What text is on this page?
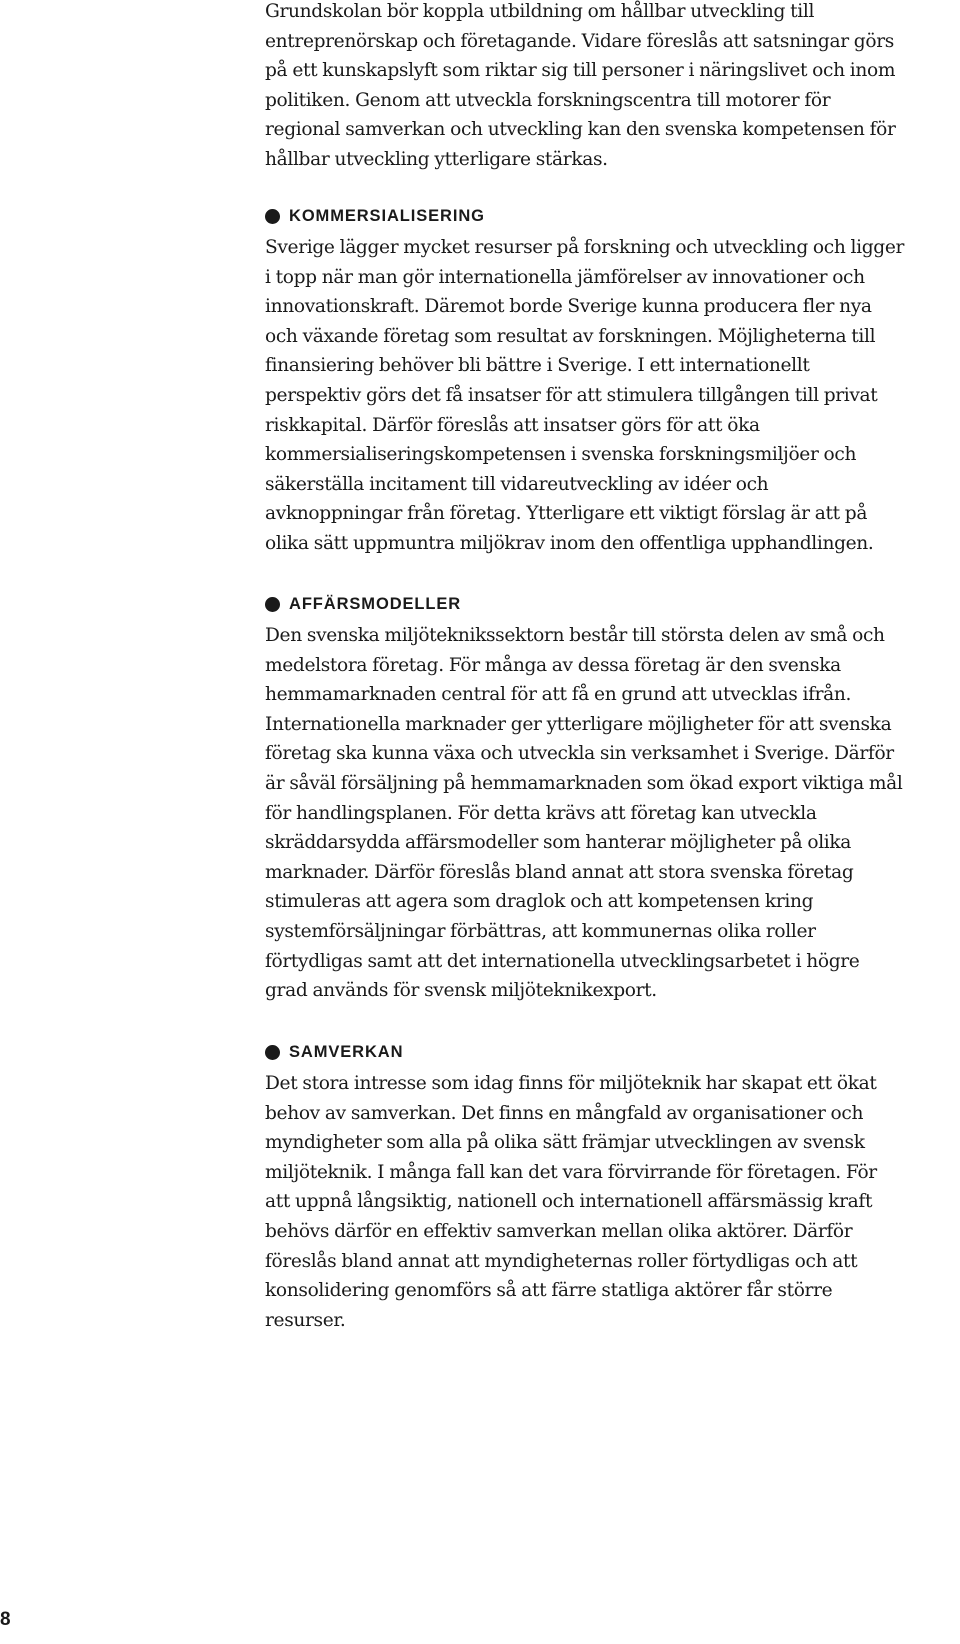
Grundskolan bör koppla utbildning om hållbar utveckling till entreprenörskap och företagande. Vidare föreslås att satsningar görs på ett kunskapslyft som riktar sig till personer i näringslivet och inom politiken. Genom att utveckla forskningscentra till motorer för regional samverkan och utveckling kan den svenska kompetensen för hållbar utveckling ytterligare stärkas.

KOMMERSIALISERING

Sverige lägger mycket resurser på forskning och utveckling och ligger i topp när man gör internationella jämförelser av innovationer och innovationskraft. Däremot borde Sverige kunna producera fler nya och växande företag som resultat av forskningen. Möjligheterna till finansiering behöver bli bättre i Sverige. I ett internationellt perspektiv görs det få insatser för att stimulera tillgången till privat riskkapital. Därför föreslås att insatser görs för att öka kommersialiseringskompetensen i svenska forskningsmiljöer och säkerställa incitament till vidareutveckling av idéer och avknoppningar från företag. Ytterligare ett viktigt förslag är att på olika sätt uppmuntra miljökrav inom den offentliga upphandlingen.

AFFÄRSMODELLER

Den svenska miljöteknikssektorn består till största delen av små och medelstora företag. För många av dessa företag är den svenska hemmamarknaden central för att få en grund att utvecklas ifrån. Internationella marknader ger ytterligare möjligheter för att svenska företag ska kunna växa och utveckla sin verksamhet i Sverige. Därför är såväl försäljning på hemmamarknaden som ökad export viktiga mål för handlingsplanen. För detta krävs att företag kan utveckla skräddarsydda affärsmodeller som hanterar möjligheter på olika marknader. Därför föreslås bland annat att stora svenska företag stimuleras att agera som draglok och att kompetensen kring systemförsäljningar förbättras, att kommunernas olika roller förtydligas samt att det internationella utvecklingsarbetet i högre grad används för svensk miljöteknikexport.

SAMVERKAN

Det stora intresse som idag finns för miljöteknik har skapat ett ökat behov av samverkan. Det finns en mångfald av organisationer och myndigheter som alla på olika sätt främjar utvecklingen av svensk miljöteknik. I många fall kan det vara förvirrande för företagen. För att uppnå långsiktig, nationell och internationell affärsmässig kraft behövs därför en effektiv samverkan mellan olika aktörer. Därför föreslås bland annat att myndigheternas roller förtydligas och att konsolidering genomförs så att färre statliga aktörer får större resurser.

8
